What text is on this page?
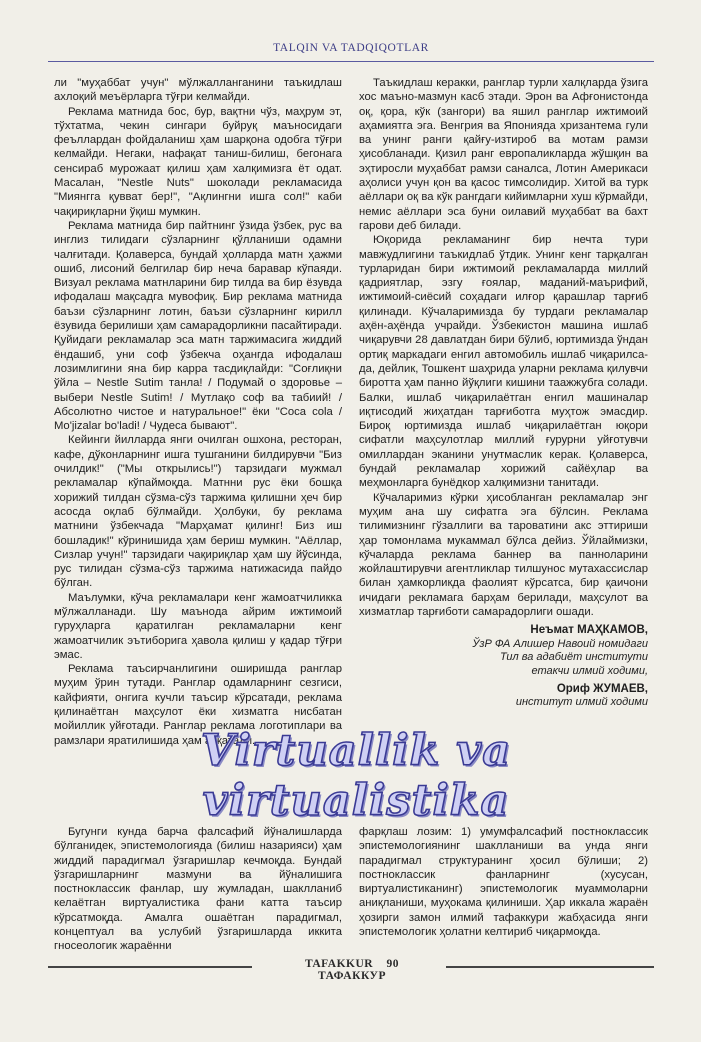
TALQIN VA TADQIQOTLAR

ли "муҳаббат учун" мўлжалланганини таъкидлаш ахлоқий меъёрларга тўғри келмайди.

Реклама матнида бос, бур, вақтни чўз, маҳрум эт, тўхтатма, чекин сингари буйруқ маъносидаги феъллардан фойдаланиш ҳам шарқона одобга тўғри келмайди. Негаки, нафақат таниш-билиш, бегонага сенсираб мурожаат қилиш ҳам халқимизга ёт одат. Масалан, "Nestle Nuts" шоколади рекламасида "Миянгга қувват бер!", "Ақлингни ишга сол!" каби чақириқларни ўқиш мумкин.

Реклама матнида бир пайтнинг ўзида ўзбек, рус ва инглиз тилидаги сўзларнинг қўлланиши одамни чалғитади. Қолаверса, бундай ҳолларда матн ҳажми ошиб, лисоний белгилар бир неча баравар кўпаяди. Визуал реклама матнларини бир тилда ва бир ёзувда ифодалаш мақсадга мувофиқ. Бир реклама матнида баъзи сўзларнинг лотин, баъзи сўзларнинг кирилл ёзувида берилиши ҳам самарадорликни пасайтиради. Қуйидаги рекламалар эса матн таржимасига жиддий ёндашиб, уни соф ўзбекча оҳангда ифодалаш лозимлигини яна бир карра тасдиқлайди: "Соғлиқни ўйла – Nestle Sutim танла! / Подумай о здоровье – выбери Nestle Sutim! / Мутлақо соф ва табиий! / Абсолютно чистое и натуральное!" ёки "Coca cola / Mo'jizalar bo'ladi! / Чудеса бывают".

Кейинги йилларда янги очилган ошхона, ресторан, кафе, дўконларнинг ишга тушганини билдирувчи "Биз очилдик!" ("Мы открылись!") тарзидаги мужмал рекламалар кўпаймоқда. Матнни рус ёки бошқа хорижий тилдан сўзма-сўз таржима қилишни ҳеч бир асосда оқлаб бўлмайди. Ҳолбуки, бу реклама матнини ўзбекчада "Марҳамат қилинг! Биз иш бошладик!" кўринишида ҳам бериш мумкин. "Аёллар, Сизлар учун!" тарзидаги чақириқлар ҳам шу йўсинда, рус тилидан сўзма-сўз таржима натижасида пайдо бўлган.

Маълумки, кўча рекламалари кенг жамоатчиликка мўлжалланади. Шу маънода айрим ижтимоий гуруҳларга қаратилган рекламаларни кенг жамоатчилик эътиборига ҳавола қилиш у қадар тўғри эмас.

Реклама таъсирчанлигини оширишда ранглар муҳим ўрин тутади. Ранглар одамларнинг сезгиси, кайфияти, онгига кучли таъсир кўрсатади, реклама қилинаётган маҳсулот ёки хизматга нисбатан мойиллик уйғотади. Ранглар реклама логотиплари ва рамзлари яратилишида ҳам асқатади.

Таъкидлаш керакки, ранглар турли халқларда ўзига хос маъно-мазмун касб этади. Эрон ва Афғонистонда оқ, қора, кўк (зангори) ва яшил ранглар ижтимоий аҳамиятга эга. Венгрия ва Японияда хризантема гули ва унинг ранги қайғу-изтироб ва мотам рамзи ҳисобланади. Қизил ранг европаликларда жўшқин ва эҳтиросли муҳаббат рамзи саналса, Лотин Америкаси аҳолиси учун қон ва қасос тимсолидир. Хитой ва турк аёллари оқ ва кўк рангдаги кийимларни хуш кўрмайди, немис аёллари эса буни оилавий муҳаббат ва бахт гарови деб билади.

Юқорида рекламанинг бир нечта тури мавжудлигини таъкидлаб ўтдик. Унинг кенг тарқалган турларидан бири ижтимоий рекламаларда миллий қадриятлар, эзгу ғоялар, маданий-маърифий, ижтимоий-сиёсий соҳадаги илғор қарашлар тарғиб қилинади. Кўчаларимизда бу турдаги рекламалар аҳён-аҳёнда учрайди. Ўзбекистон машина ишлаб чиқарувчи 28 давлатдан бири бўлиб, юртимизда ўндан ортиқ маркадаги енгил автомобиль ишлаб чиқарилса-да, дейлик, Тошкент шаҳрида уларни реклама қилувчи биротта ҳам панно йўқлиги кишини таажжубга солади. Балки, ишлаб чиқарилаётган енгил машиналар иқтисодий жиҳатдан тарғиботга муҳтож эмасдир. Бироқ юртимизда ишлаб чиқарилаётган юқори сифатли маҳсулотлар миллий ғурурни уйғотувчи омиллардан эканини унутмаслик керак. Қолаверса, бундай рекламалар хорижий сайёҳлар ва меҳмонларга бунёдкор халқимизни танитади.

Кўчаларимиз кўрки ҳисобланган рекламалар энг муҳим ана шу сифатга эга бўлсин. Реклама тилимизнинг гўзаллиги ва тароватини акс эттириши ҳар томонлама мукаммал бўлса дейиз. Ўйлаймизки, кўчаларда реклама баннер ва панноларини жойлаштирувчи агентликлар тилшунос мутахассислар билан ҳамкорликда фаолият кўрсатса, бир қаичони ичидаги рекламага барҳам берилади, маҳсулот ва хизматлар тарғиботи самарадорлиги ошади.

Неъмат МАҲКАМОВ,
ЎзР ФА Алишер Навоий номидаги
Тил ва адабиёт институти
етакчи илмий ходими,
Ориф ЖУМАЕВ,
институт илмий ходими
Virtuallik va virtualistika

Бугунги кунда барча фалсафий йўналишларда бўлганидек, эпистемологияда (билиш назарияси) ҳам жиддий парадигмал ўзгаришлар кечмоқда. Бундай ўзгаришларнинг мазмуни ва йўналишига постноклассик фанлар, шу жумладан, шаклланиб келаётган виртуалистика фани катта таъсир кўрсатмоқда. Амалга ошаётган парадигмал, концептуал ва услубий ўзгаришларда иккита гносеологик жараённи

фарқлаш лозим: 1) умумфалсафий постноклассик эпистемологиянинг шаклланиши ва унда янги парадигмал структуранинг ҳосил бўлиши; 2) постноклассик фанларнинг (хусусан, виртуалистиканинг) эпистемологик муаммоларни аниқланиши, муҳокама қилиниши. Ҳар иккала жараён ҳозирги замон илмий тафаккури жабҳасида янги эпистемологик ҳолатни келтириб чиқармоқда.

TAFAKKUR 90 ТАФАККУР
